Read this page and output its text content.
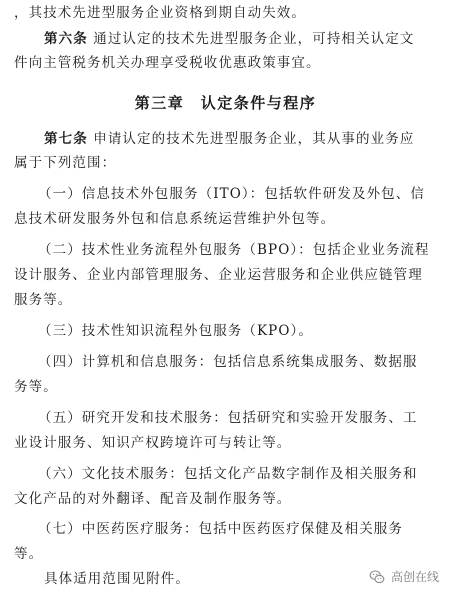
，其技术先进型服务企业资格到期自动失效。
第六条 通过认定的技术先进型服务企业，可持相关认定文
件向主管税务机关办理享受税收优惠政策事宜。
第三章　认定条件与程序
第七条 申请认定的技术先进型服务企业，其从事的业务应
属于下列范围：
（一）信息技术外包服务（ITO）：包括软件研发及外包、信
息技术研发服务外包和信息系统运营维护外包等。
（二）技术性业务流程外包服务（BPO）：包括企业业务流程
设计服务、企业内部管理服务、企业运营服务和企业供应链管理
服务等。
（三）技术性知识流程外包服务（KPO）。
（四）计算机和信息服务：包括信息系统集成服务、数据服
务等。
（五）研究开发和技术服务：包括研究和实验开发服务、工
业设计服务、知识产权跨境许可与转让等。
（六）文化技术服务：包括文化产品数字制作及相关服务和
文化产品的对外翻译、配音及制作服务等。
（七）中医药医疗服务：包括中医药医疗保健及相关服务
等。
具体适用范围见附件。	高创在线
